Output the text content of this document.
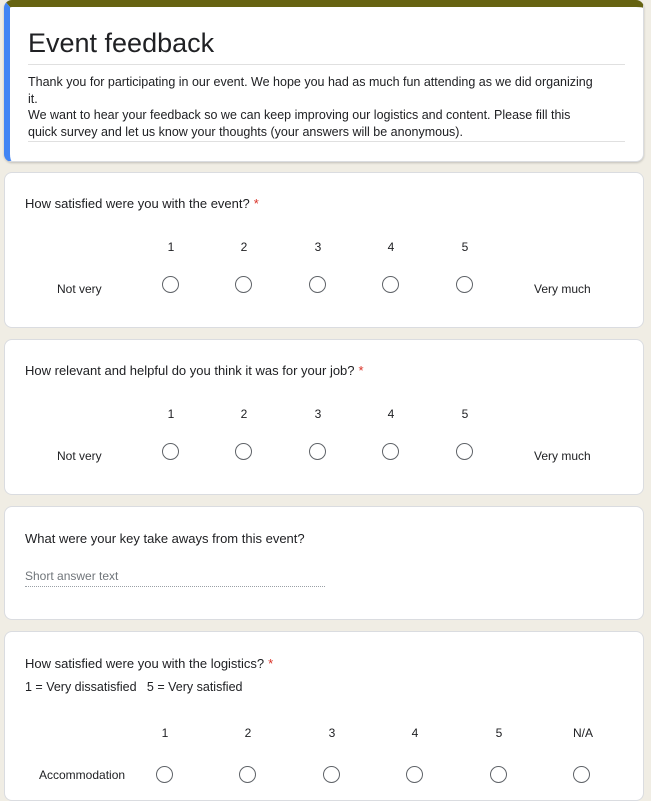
Event feedback
Thank you for participating in our event. We hope you had as much fun attending as we did organizing it.
We want to hear your feedback so we can keep improving our logistics and content. Please fill this quick survey and let us know your thoughts (your answers will be anonymous).
How satisfied were you with the event? *
1	2	3	4	5
Not very	Very much
How relevant and helpful do you think it was for your job? *
1	2	3	4	5
Not very	Very much
What were your key take aways from this event?
Short answer text
How satisfied were you with the logistics? *
1 = Very dissatisfied   5 = Very satisfied
1	2	3	4	5	N/A
Accommodation
